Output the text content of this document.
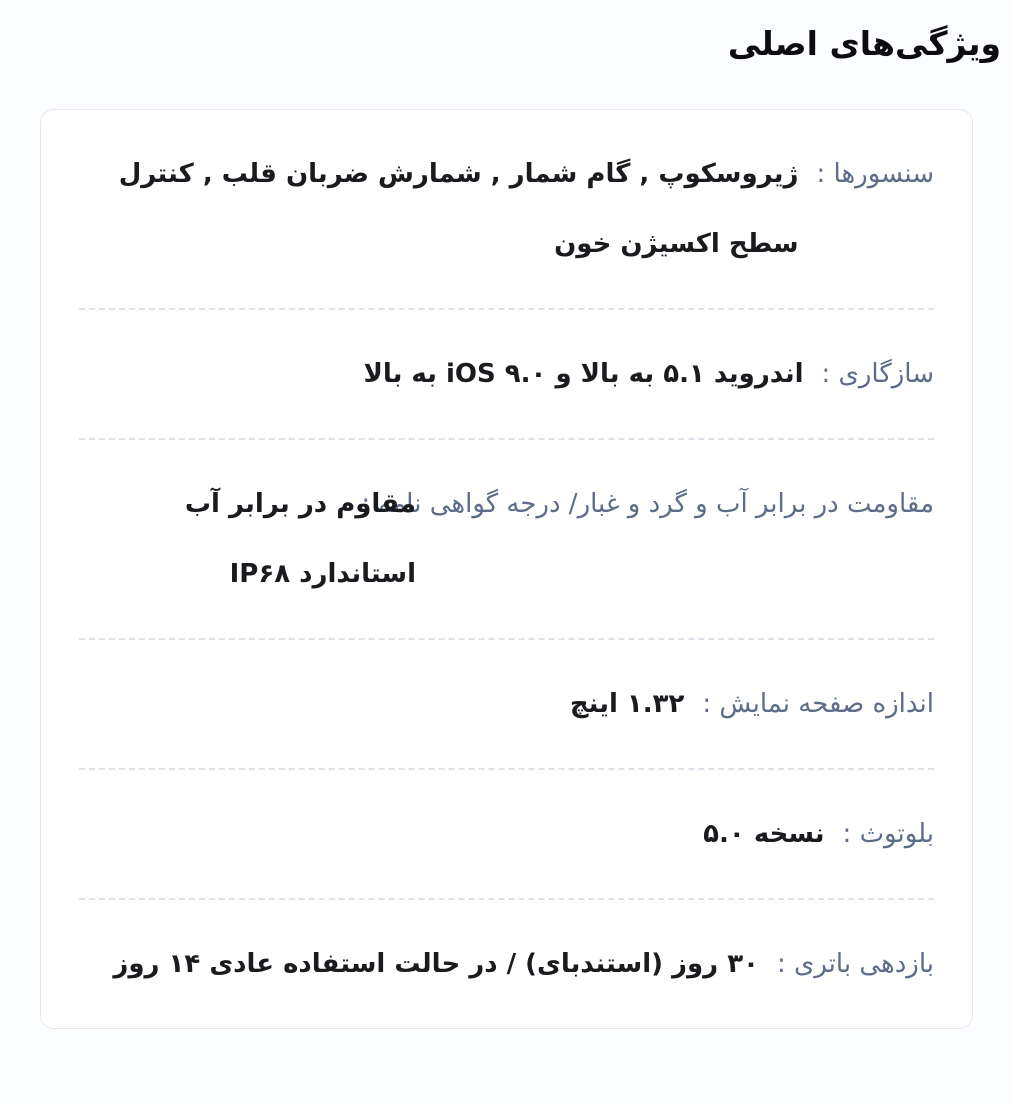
ویژگی‌های اصلی
سنسورها :
ژیروسکوپ , گام شمار , شمارش ضربان قلب , کنترل سطح اکسیژن خون
سازگاری :
اندروید ۵.۱ به بالا و iOS ۹.۰ به بالا
مقاومت در برابر آب و گرد و غبار/ درجه گواهی نامه :
مقاوم در برابر آب استاندارد IP۶۸
اندازه صفحه نمایش :
۱.۳۲ اینچ
بلوتوث :
نسخه ۵.۰
بازدهی باتری :
۳۰ روز (استندبای) / در حالت استفاده عادی ۱۴ روز
